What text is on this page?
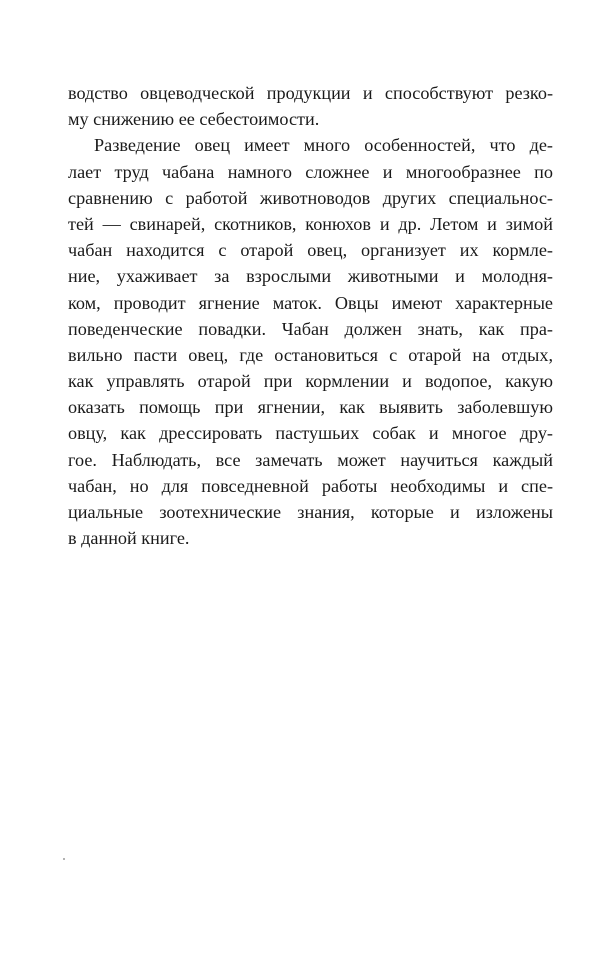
водство овцеводческой продукции и способствуют резко-
му снижению ее себестоимости.
Разведение овец имеет много особенностей, что де-
лает труд чабана намного сложнее и многообразнее по
сравнению с работой животноводов других специальнос-
тей — свинарей, скотников, конюхов и др. Летом и зимой
чабан находится с отарой овец, организует их кормле-
ние, ухаживает за взрослыми животными и молодня-
ком, проводит ягнение маток. Овцы имеют характерные
поведенческие повадки. Чабан должен знать, как пра-
вильно пасти овец, где остановиться с отарой на отдых,
как управлять отарой при кормлении и водопое, какую
оказать помощь при ягнении, как выявить заболевшую
овцу, как дрессировать пастушьих собак и многое дру-
гое. Наблюдать, все замечать может научиться каждый
чабан, но для повседневной работы необходимы и спе-
циальные зоотехнические знания, которые и изложены
в данной книге.
